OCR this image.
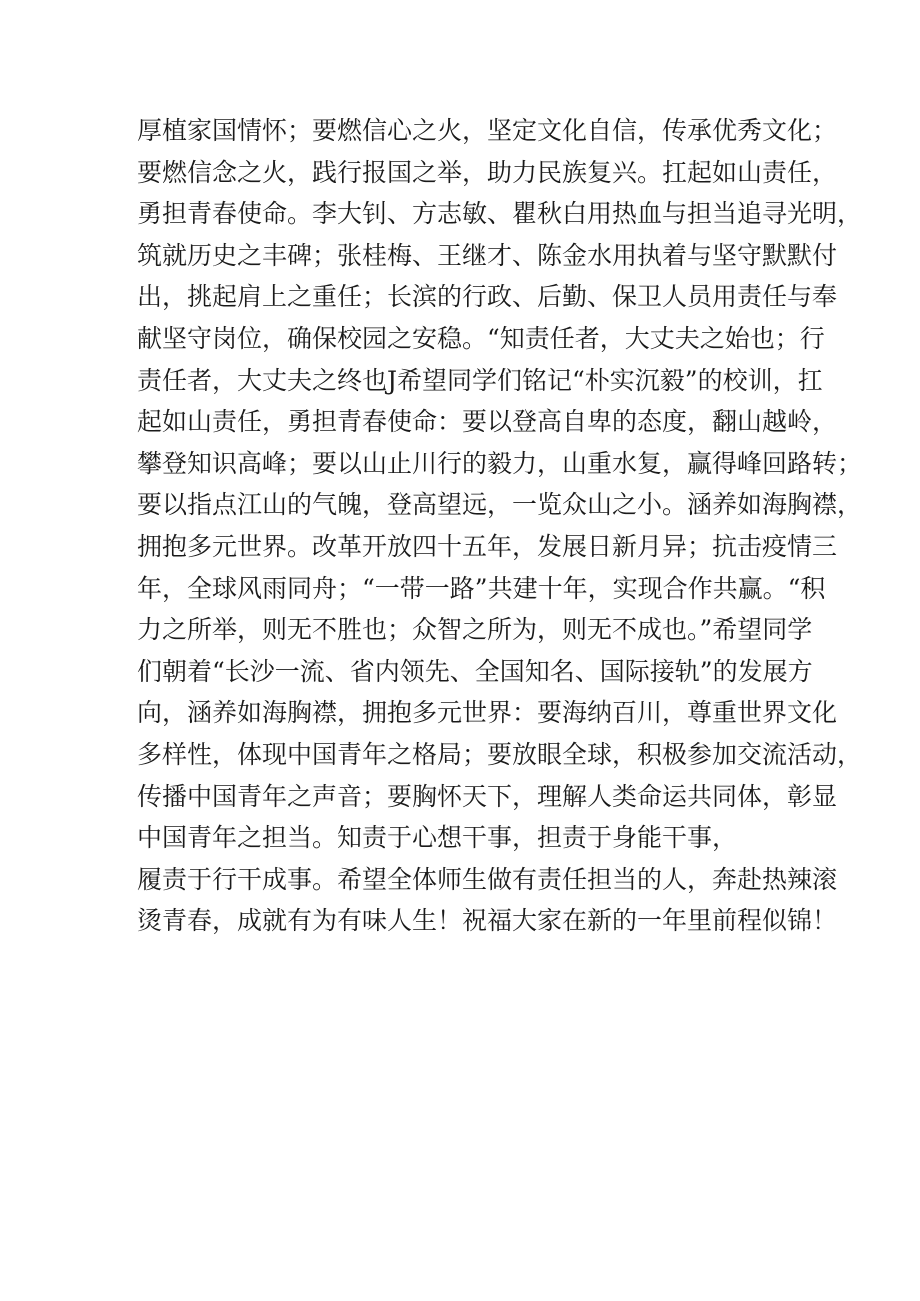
厚植家国情怀；要燃信心之火，坚定文化自信，传承优秀文化；
要燃信念之火，践行报国之举，助力民族复兴。扛起如山责任，
勇担青春使命。李大钊、方志敏、瞿秋白用热血与担当追寻光明，
筑就历史之丰碑；张桂梅、王继才、陈金水用执着与坚守默默付
出，挑起肩上之重任；长滨的行政、后勤、保卫人员用责任与奉
献坚守岗位，确保校园之安稳。“知责任者，大丈夫之始也；行
责任者，大丈夫之终也J希望同学们铭记“朴实沉毅”的校训，扛
起如山责任，勇担青春使命：要以登高自卑的态度，翻山越岭，
攀登知识高峰；要以山止川行的毅力，山重水复，赢得峰回路转；
要以指点江山的气魄，登高望远，一览众山之小。涵养如海胸襟，
拥抱多元世界。改革开放四十五年，发展日新月异；抗击疫情三
年，全球风雨同舟；“一带一路”共建十年，实现合作共赢。“积
力之所举，则无不胜也；众智之所为，则无不成也。”希望同学
们朝着“长沙一流、省内领先、全国知名、国际接轨”的发展方
向，涵养如海胸襟，拥抱多元世界：要海纳百川，尊重世界文化
多样性，体现中国青年之格局；要放眼全球，积极参加交流活动，
传播中国青年之声音；要胸怀天下，理解人类命运共同体，彰显
中国青年之担当。知责于心想干事，担责于身能干事，
履责于行干成事。希望全体师生做有责任担当的人，奔赴热辣滚
烫青春，成就有为有味人生！祝福大家在新的一年里前程似锦！
